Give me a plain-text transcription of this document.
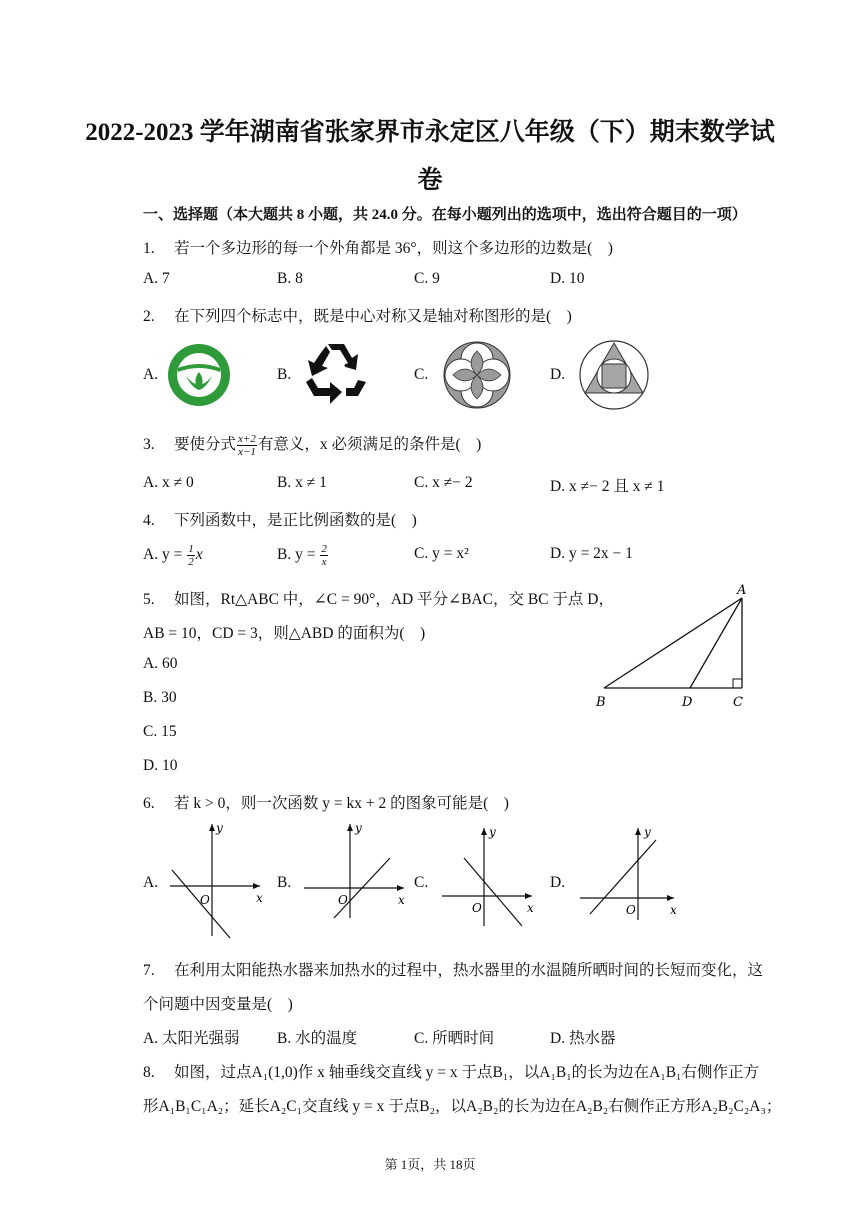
2022-2023 学年湖南省张家界市永定区八年级（下）期末数学试
卷
一、选择题（本大题共 8 小题，共 24.0 分。在每小题列出的选项中，选出符合题目的一项）
1.　 若一个多边形的每一个外角都是 36°，则这个多边形的边数是(　)
A. 7	B. 8	C. 9	D. 10
2.　 在下列四个标志中，既是中心对称又是轴对称图形的是(　)
A.	B.	C.	D.
3.　 要使分式 $\frac{x+2}{x-1}$ 有意义，x 必须满足的条件是(　)
A. x ≠ 0	B. x ≠ 1	C. x ≠− 2	D. x ≠− 2 且 x ≠ 1
4.　 下列函数中，是正比例函数的是(　)
A. $y = \frac{1}{2}$ x	B. $y = \frac{2}{x}$	C. y = x²	D. y = 2x − 1
5.　 如图，Rt△ABC 中，∠C = 90°，AD 平分∠BAC，交 BC 于点 D，
AB = 10，CD = 3，则△ABD 的面积为(　)
A. 60
B. 30
C. 15
D. 10
A
B	D	C
6.　 若 k > 0，则一次函数 y = kx + 2 的图象可能是(　)
A.	B.	C.	D.
y
x
O
y
x
O
y
x
O
y
x
O
7.　 在利用太阳能热水器来加热水的过程中，热水器里的水温随所晒时间的长短而变化，这
个问题中因变量是(　)
A. 太阳光强弱 B. 水的温度	C. 所晒时间	D. 热水器
8.　 如图，过点A₁(1,0)作 x 轴垂线交直线 y = x 于点B₁，以A₁B₁的长为边在A₁B₁右侧作正方
形A₁B₁C₁A₂；延长A₂C₁交直线 y = x 于点B₂，以A₂B₂的长为边在A₂B₂右侧作正方形A₂B₂C₂A₃；
第 1页，共 18页
